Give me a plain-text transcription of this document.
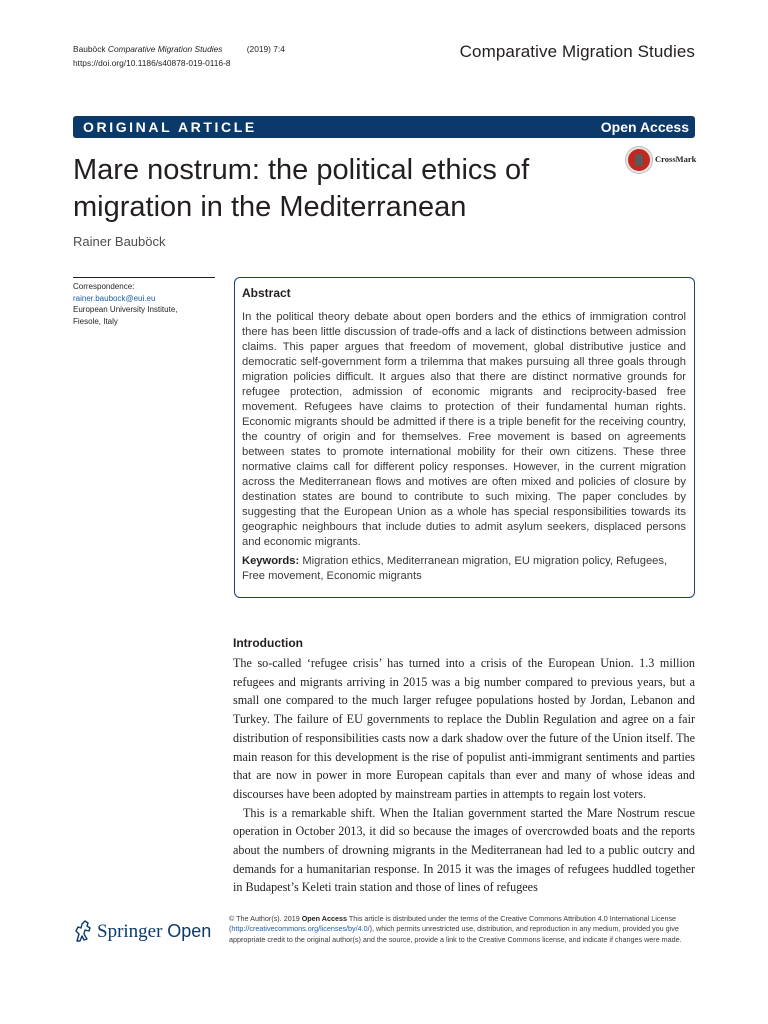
Bauböck Comparative Migration Studies	(2019) 7:4
https://doi.org/10.1186/s40878-019-0116-8
Comparative Migration Studies
ORIGINAL ARTICLE	Open Access
Mare nostrum: the political ethics of migration in the Mediterranean
CrossMark
Rainer Bauböck
Correspondence:
rainer.baubock@eui.eu
European University Institute,
Fiesole, Italy
Abstract
In the political theory debate about open borders and the ethics of immigration control there has been little discussion of trade-offs and a lack of distinctions between admission claims. This paper argues that freedom of movement, global distributive justice and democratic self-government form a trilemma that makes pursuing all three goals through migration policies difficult. It argues also that there are distinct normative grounds for refugee protection, admission of economic migrants and reciprocity-based free movement. Refugees have claims to protection of their fundamental human rights. Economic migrants should be admitted if there is a triple benefit for the receiving country, the country of origin and for themselves. Free movement is based on agreements between states to promote international mobility for their own citizens. These three normative claims call for different policy responses. However, in the current migration across the Mediterranean flows and motives are often mixed and policies of closure by destination states are bound to contribute to such mixing. The paper concludes by suggesting that the European Union as a whole has special responsibilities towards its geographic neighbours that include duties to admit asylum seekers, displaced persons and economic migrants.
Keywords: Migration ethics, Mediterranean migration, EU migration policy, Refugees, Free movement, Economic migrants
Introduction

The so-called ‘refugee crisis’ has turned into a crisis of the European Union. 1.3 million refugees and migrants arriving in 2015 was a big number compared to previous years, but a small one compared to the much larger refugee populations hosted by Jordan, Lebanon and Turkey. The failure of EU governments to replace the Dublin Regulation and agree on a fair distribution of responsibilities casts now a dark shadow over the future of the Union itself. The main reason for this development is the rise of populist anti-immigrant sentiments and parties that are now in power in more European capitals than ever and many of whose ideas and discourses have been adopted by mainstream parties in attempts to regain lost voters.

This is a remarkable shift. When the Italian government started the Mare Nostrum rescue operation in October 2013, it did so because the images of overcrowded boats and the reports about the numbers of drowning migrants in the Mediterranean had led to a public outcry and demands for a humanitarian response. In 2015 it was the images of refugees huddled together in Budapest’s Keleti train station and those of lines of refugees

Springer Open
© The Author(s). 2019 Open Access This article is distributed under the terms of the Creative Commons Attribution 4.0 International License (http://creativecommons.org/licenses/by/4.0/), which permits unrestricted use, distribution, and reproduction in any medium, provided you give appropriate credit to the original author(s) and the source, provide a link to the Creative Commons license, and indicate if changes were made.
